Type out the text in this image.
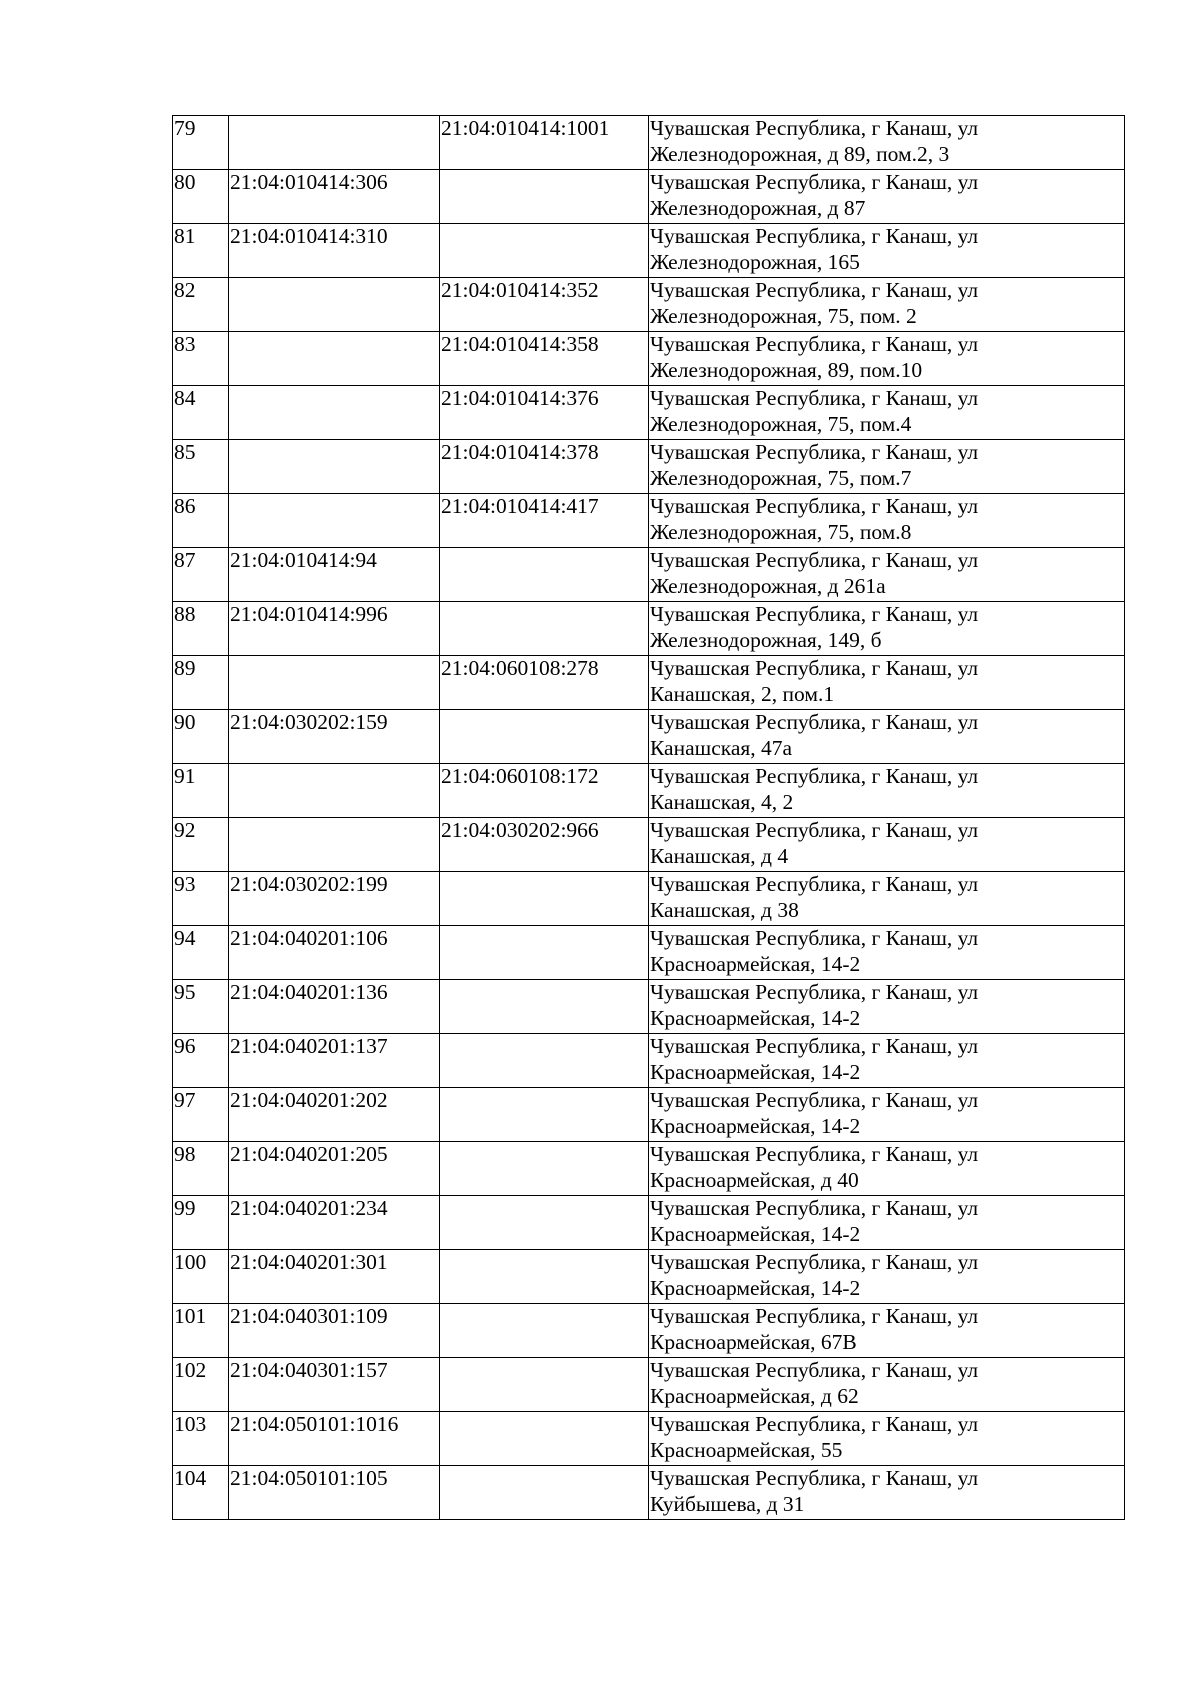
79		21:04:010414:1001	Чувашская Республика, г Канаш, ул
Железнодорожная, д 89, пом.2, 3

80	21:04:010414:306		Чувашская Республика, г Канаш, ул
Железнодорожная, д 87

81	21:04:010414:310		Чувашская Республика, г Канаш, ул
Железнодорожная, 165

82		21:04:010414:352	Чувашская Республика, г Канаш, ул
Железнодорожная, 75, пом. 2

83		21:04:010414:358	Чувашская Республика, г Канаш, ул
Железнодорожная, 89, пом.10

84		21:04:010414:376	Чувашская Республика, г Канаш, ул
Железнодорожная, 75, пом.4

85		21:04:010414:378	Чувашская Республика, г Канаш, ул
Железнодорожная, 75, пом.7

86		21:04:010414:417	Чувашская Республика, г Канаш, ул
Железнодорожная, 75, пом.8

87	21:04:010414:94		Чувашская Республика, г Канаш, ул
Железнодорожная, д 261а

88	21:04:010414:996		Чувашская Республика, г Канаш, ул
Железнодорожная, 149, б

89		21:04:060108:278	Чувашская Республика, г Канаш, ул
Канашская, 2, пом.1

90	21:04:030202:159		Чувашская Республика, г Канаш, ул
Канашская, 47а

91		21:04:060108:172	Чувашская Республика, г Канаш, ул
Канашская, 4, 2

92		21:04:030202:966	Чувашская Республика, г Канаш, ул
Канашская, д 4

93	21:04:030202:199		Чувашская Республика, г Канаш, ул
Канашская, д 38

94	21:04:040201:106		Чувашская Республика, г Канаш, ул
Красноармейская, 14-2

95	21:04:040201:136		Чувашская Республика, г Канаш, ул
Красноармейская, 14-2

96	21:04:040201:137		Чувашская Республика, г Канаш, ул
Красноармейская, 14-2

97	21:04:040201:202		Чувашская Республика, г Канаш, ул
Красноармейская, 14-2

98	21:04:040201:205		Чувашская Республика, г Канаш, ул
Красноармейская, д 40

99	21:04:040201:234		Чувашская Республика, г Канаш, ул
Красноармейская, 14-2

100	21:04:040201:301		Чувашская Республика, г Канаш, ул
Красноармейская, 14-2

101	21:04:040301:109		Чувашская Республика, г Канаш, ул
Красноармейская, 67В

102	21:04:040301:157		Чувашская Республика, г Канаш, ул
Красноармейская, д 62

103	21:04:050101:1016		Чувашская Республика, г Канаш, ул
Красноармейская, 55

104	21:04:050101:105		Чувашская Республика, г Канаш, ул
Куйбышева, д 31
